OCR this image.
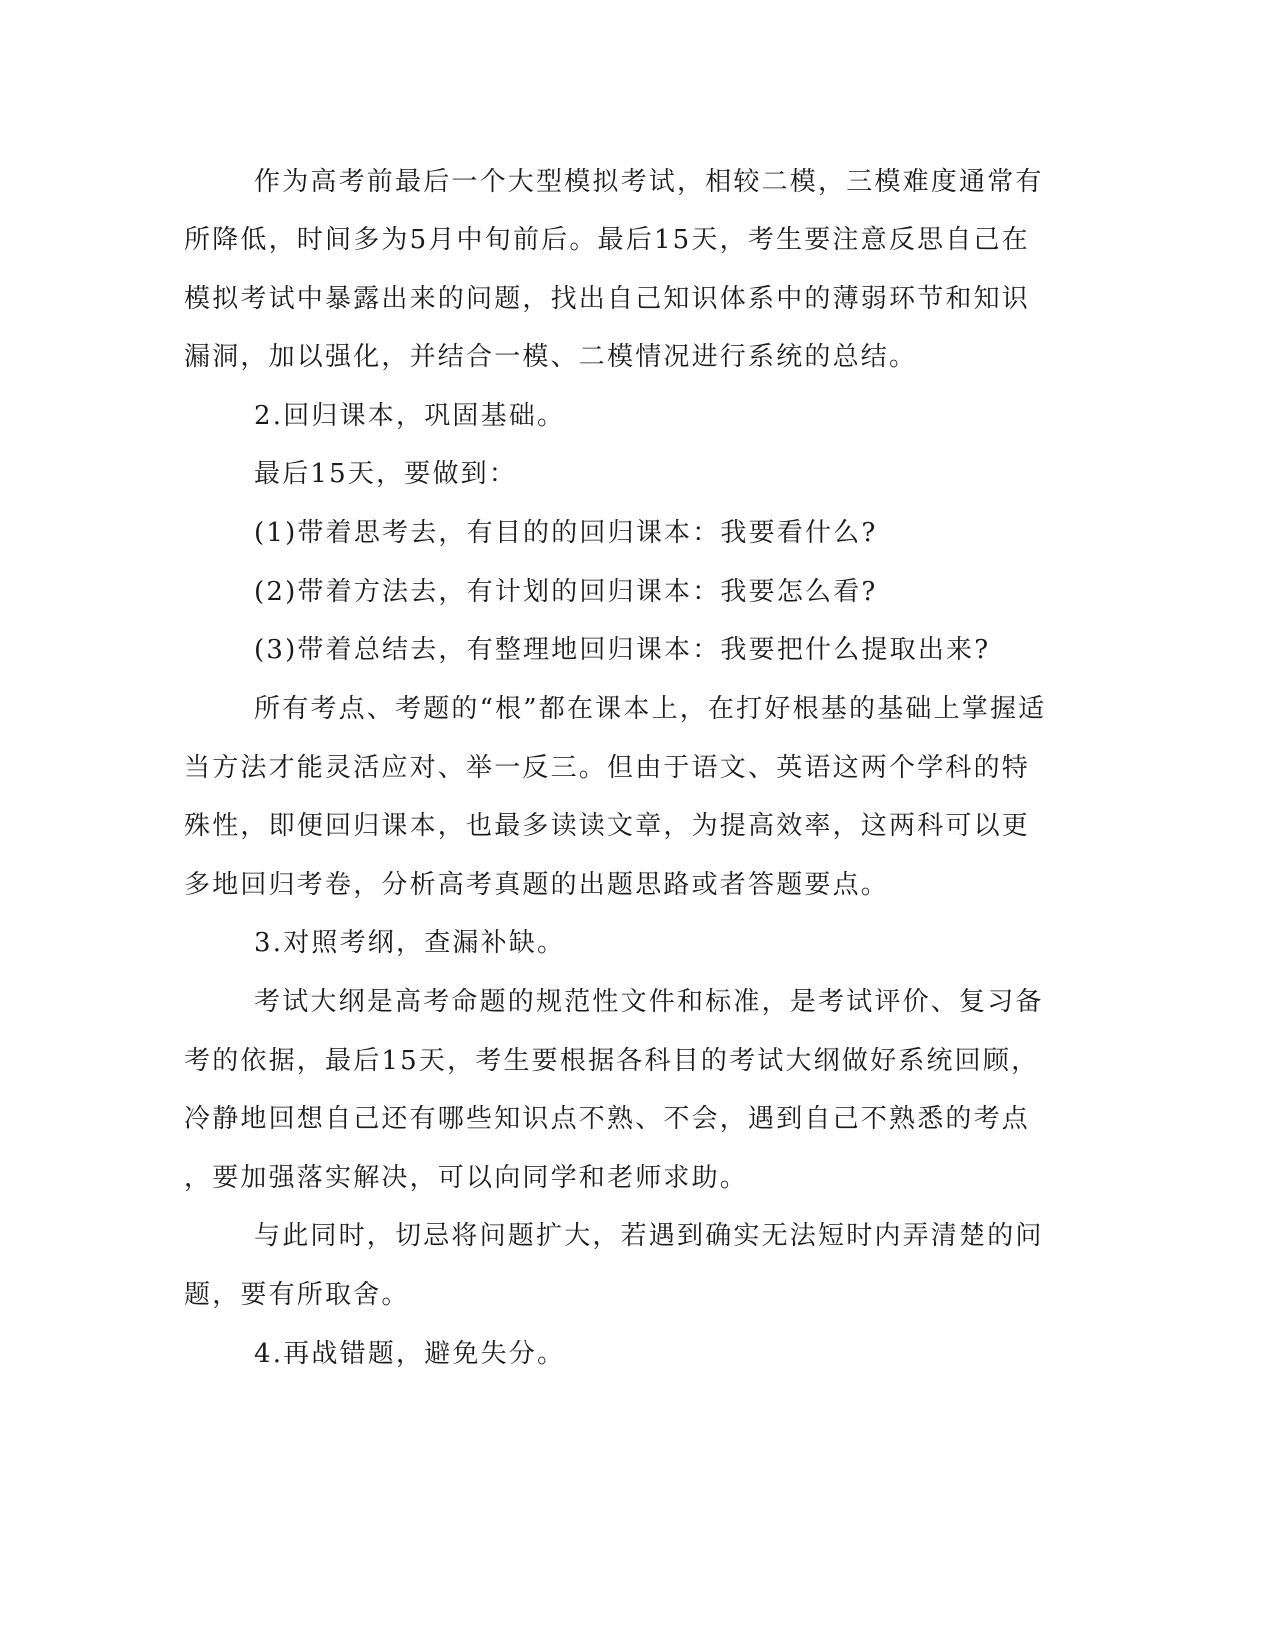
作为高考前最后一个大型模拟考试，相较二模，三模难度通常有
所降低，时间多为5月中旬前后。最后15天，考生要注意反思自己在
模拟考试中暴露出来的问题，找出自己知识体系中的薄弱环节和知识
漏洞，加以强化，并结合一模、二模情况进行系统的总结。
2.回归课本，巩固基础。
最后15天，要做到：
(1)带着思考去，有目的的回归课本：我要看什么?
(2)带着方法去，有计划的回归课本：我要怎么看?
(3)带着总结去，有整理地回归课本：我要把什么提取出来?
所有考点、考题的“根”都在课本上，在打好根基的基础上掌握适
当方法才能灵活应对、举一反三。但由于语文、英语这两个学科的特
殊性，即便回归课本，也最多读读文章，为提高效率，这两科可以更
多地回归考卷，分析高考真题的出题思路或者答题要点。
3.对照考纲，查漏补缺。
考试大纲是高考命题的规范性文件和标准，是考试评价、复习备
考的依据，最后15天，考生要根据各科目的考试大纲做好系统回顾，
冷静地回想自己还有哪些知识点不熟、不会，遇到自己不熟悉的考点
，要加强落实解决，可以向同学和老师求助。
与此同时，切忌将问题扩大，若遇到确实无法短时内弄清楚的问
题，要有所取舍。
4.再战错题，避免失分。
